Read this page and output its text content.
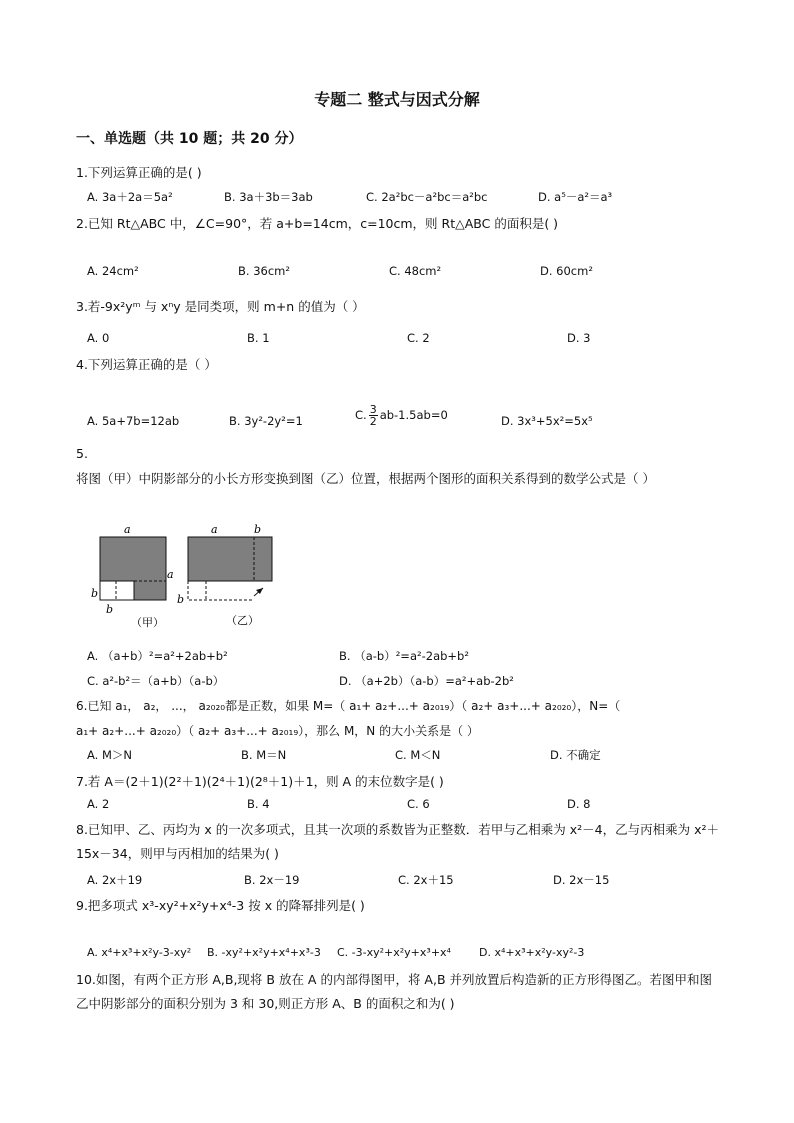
专题二 整式与因式分解
一、单选题（共 10 题；共 20 分）
1.下列运算正确的是( )
A. 3a＋2a＝5a²	B. 3a＋3b＝3ab	C. 2a²bc－a²bc＝a²bc	D. a⁵－a²＝a³
2.已知 Rt△ABC 中，∠C=90°，若 a+b=14cm，c=10cm，则 Rt△ABC 的面积是( )
A. 24cm²	B. 36cm²	C. 48cm²	D. 60cm²
3.若-9x²yᵐ 与 xⁿy 是同类项，则 m+n 的值为（ ）
A. 0	B. 1	C. 2	D. 3
4.下列运算正确的是（ ）
A. 5a+7b=12ab	B. 3y²-2y²=1	C. $\frac{3}{2} ab-1.5ab=0$	D. 3x³+5x²=5x⁵
5.
将图（甲）中阴影部分的小长方形变换到图（乙）位置，根据两个图形的面积关系得到的数学公式是（ ）
a
a
b
b
（甲）
a	b
b
（乙）
A. （a+b）²=a²+2ab+b²	B. （a-b）²=a²-2ab+b²
C. a²-b²＝（a+b）（a-b）	D. （a+2b）（a-b）=a²+ab-2b²
6.已知 a₁， a₂， ...， a₂₀₂₀都是正数，如果 M=（ a₁+ a₂+...+ a₂₀₁₉）（ a₂+ a₃+...+ a₂₀₂₀），N=（
a₁+ a₂+...+ a₂₀₂₀）（ a₂+ a₃+...+ a₂₀₁₉），那么 M，N 的大小关系是（ ）
A. M＞N	B. M＝N	C. M＜N	D. 不确定
7.若 A＝(2＋1)(2²＋1)(2⁴＋1)(2⁸＋1)＋1，则 A 的末位数字是( )
A. 2	B. 4	C. 6	D. 8
8.已知甲、乙、丙均为 x 的一次多项式，且其一次项的系数皆为正整数．若甲与乙相乘为 x²－4，乙与丙相乘为 x²＋15x－34，则甲与丙相加的结果为( )
A. 2x＋19	B. 2x－19	C. 2x＋15	D. 2x－15
9.把多项式 x³-xy²+x²y+x⁴-3 按 x 的降幂排列是( )
A. x⁴+x³+x²y-3-xy² B. -xy²+x²y+x⁴+x³-3 C. -3-xy²+x²y+x³+x⁴	D. x⁴+x³+x²y-xy²-3
10.如图，有两个正方形 A,B,现将 B 放在 A 的内部得图甲，将 A,B 并列放置后构造新的正方形得图乙。若图甲和图乙中阴影部分的面积分别为 3 和 30,则正方形 A、B 的面积之和为( )
